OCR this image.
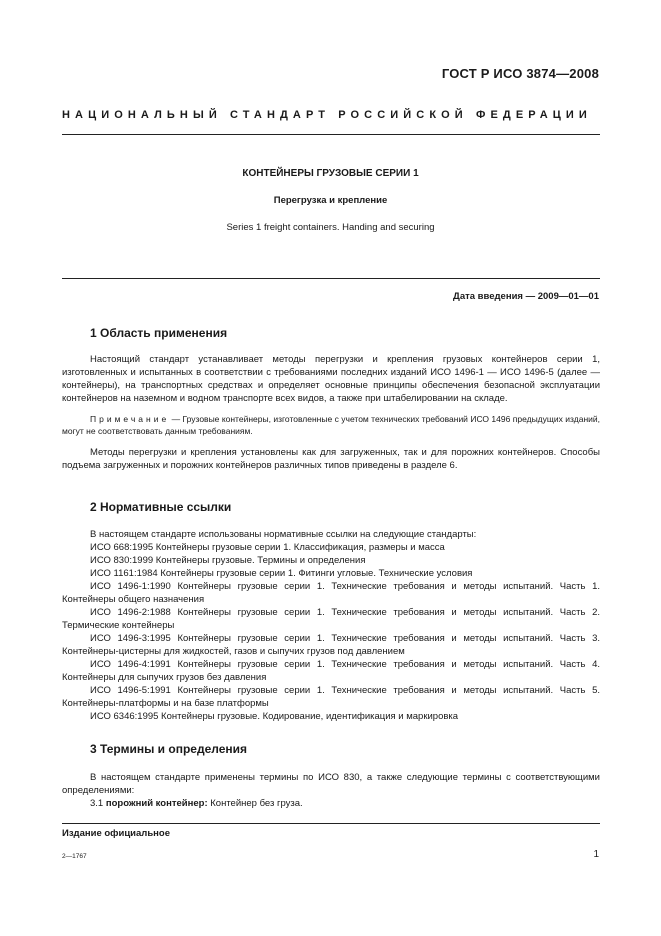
ГОСТ Р ИСО 3874—2008
НАЦИОНАЛЬНЫЙ СТАНДАРТ РОССИЙСКОЙ ФЕДЕРАЦИИ
КОНТЕЙНЕРЫ ГРУЗОВЫЕ СЕРИИ 1
Перегрузка и крепление
Series 1 freight containers. Handing and securing
Дата введения — 2009—01—01
1 Область применения

Настоящий стандарт устанавливает методы перегрузки и крепления грузовых контейнеров серии 1, изготовленных и испытанных в соответствии с требованиями последних изданий ИСО 1496-1 — ИСО 1496-5 (далее — контейнеры), на транспортных средствах и определяет основные принципы обеспечения безопасной эксплуатации контейнеров на наземном и водном транспорте всех видов, а также при штабелировании на складе.

Примечание — Грузовые контейнеры, изготовленные с учетом технических требований ИСО 1496 предыдущих изданий, могут не соответствовать данным требованиям.

Методы перегрузки и крепления установлены как для загруженных, так и для порожних контейнеров. Способы подъема загруженных и порожних контейнеров различных типов приведены в разделе 6.

2 Нормативные ссылки

В настоящем стандарте использованы нормативные ссылки на следующие стандарты:

ИСО 668:1995 Контейнеры грузовые серии 1. Классификация, размеры и масса

ИСО 830:1999 Контейнеры грузовые. Термины и определения

ИСО 1161:1984 Контейнеры грузовые серии 1. Фитинги угловые. Технические условия

ИСО 1496-1:1990 Контейнеры грузовые серии 1. Технические требования и методы испытаний. Часть 1. Контейнеры общего назначения

ИСО 1496-2:1988 Контейнеры грузовые серии 1. Технические требования и методы испытаний. Часть 2. Термические контейнеры

ИСО 1496-3:1995 Контейнеры грузовые серии 1. Технические требования и методы испытаний. Часть 3. Контейнеры-цистерны для жидкостей, газов и сыпучих грузов под давлением

ИСО 1496-4:1991 Контейнеры грузовые серии 1. Технические требования и методы испытаний. Часть 4. Контейнеры для сыпучих грузов без давления

ИСО 1496-5:1991 Контейнеры грузовые серии 1. Технические требования и методы испытаний. Часть 5. Контейнеры-платформы и на базе платформы

ИСО 6346:1995 Контейнеры грузовые. Кодирование, идентификация и маркировка

3 Термины и определения

В настоящем стандарте применены термины по ИСО 830, а также следующие термины с соответствующими определениями:

3.1 порожний контейнер: Контейнер без груза.

Издание официальное
2—1767	1
